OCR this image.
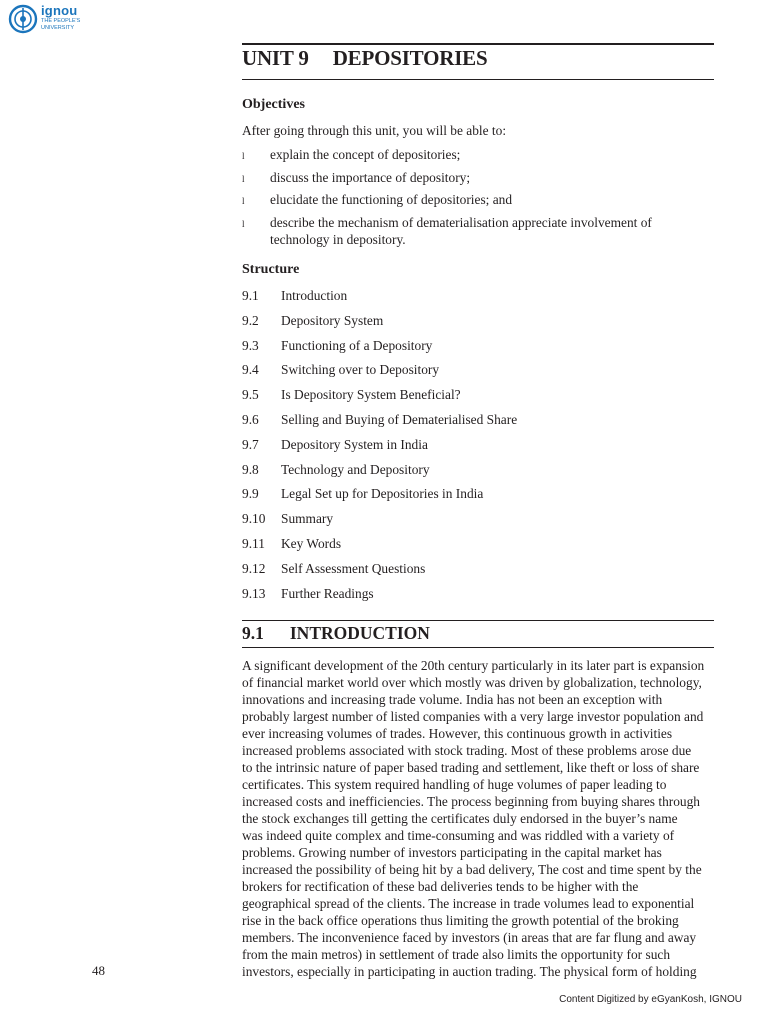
ignou
THE PEOPLE'S
UNIVERSITY
UNIT 9 DEPOSITORIES
Objectives
After going through this unit, you will be able to:
l explain the concept of depositories;
l discuss the importance of depository;
l elucidate the functioning of depositories; and
l describe the mechanism of dematerialisation appreciate involvement of technology in depository.
Structure
9.1 Introduction
9.2 Depository System
9.3 Functioning of a Depository
9.4 Switching over to Depository
9.5 Is Depository System Beneficial?
9.6 Selling and Buying of Dematerialised Share
9.7 Depository System in India
9.8 Technology and Depository
9.9 Legal Set up for Depositories in India
9.10 Summary
9.11 Key Words
9.12 Self Assessment Questions
9.13 Further Readings
9.1 INTRODUCTION

A significant development of the 20th century particularly in its later part is expansion
of financial market world over which mostly was driven by globalization, technology,
innovations and increasing trade volume. India has not been an exception with
probably largest number of listed companies with a very large investor population and
ever increasing volumes of trades. However, this continuous growth in activities
increased problems associated with stock trading. Most of these problems arose due
to the intrinsic nature of paper based trading and settlement, like theft or loss of share
certificates. This system required handling of huge volumes of paper leading to
increased costs and inefficiencies. The process beginning from buying shares through
the stock exchanges till getting the certificates duly endorsed in the buyer’s name
was indeed quite complex and time-consuming and was riddled with a variety of
problems. Growing number of investors participating in the capital market has
increased the possibility of being hit by a bad delivery, The cost and time spent by the
brokers for rectification of these bad deliveries tends to be higher with the
geographical spread of the clients. The increase in trade volumes lead to exponential
rise in the back office operations thus limiting the growth potential of the broking
members. The inconvenience faced by investors (in areas that are far flung and away
from the main metros) in settlement of trade also limits the opportunity for such
investors, especially in participating in auction trading. The physical form of holding

48
Content Digitized by eGyanKosh, IGNOU
